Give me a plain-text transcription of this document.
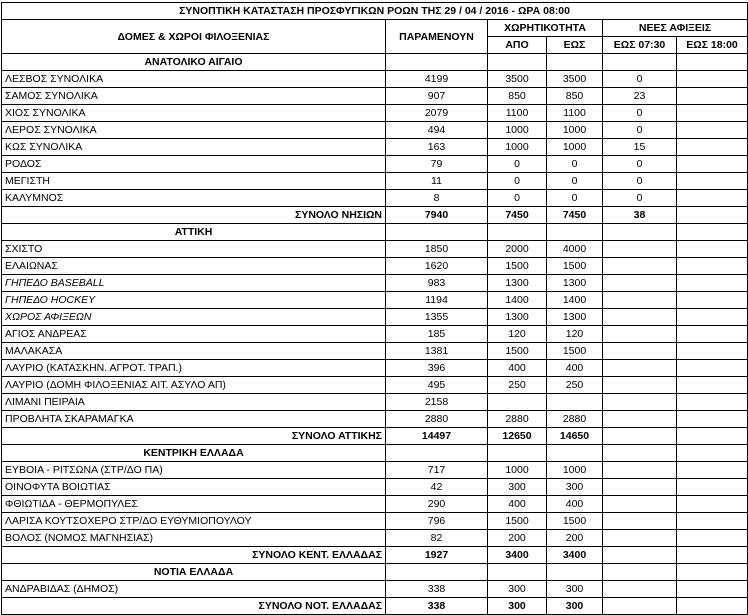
ΣΥΝΟΠΤΙΚΗ ΚΑΤΑΣΤΑΣΗ ΠΡΟΣΦΥΓΙΚΩΝ ΡΟΩΝ ΤΗΣ 29 / 04 / 2016 - ΩΡΑ 08:00					
ΔΟΜΕΣ & ΧΩΡΟΙ ΦΙΛΟΞΕΝΙΑΣ	ΠΑΡΑΜΕΝΟΥΝ	ΧΩΡΗΤΙΚΟΤΗΤΑ		ΝΕΕΣ ΑΦΙΞΕΙΣ	
		ΑΠΟ	ΕΩΣ	ΕΩΣ 07:30	ΕΩΣ 18:00
ΑΝΑΤΟΛΙΚΟ ΑΙΓΑΙΟ					
ΛΕΣΒΟΣ ΣΥΝΟΛΙΚΑ	4199	3500	3500	0	
ΣΑΜΟΣ ΣΥΝΟΛΙΚΑ	907	850	850	23	
ΧΙΟΣ ΣΥΝΟΛΙΚΑ	2079	1100	1100	0	
ΛΕΡΟΣ ΣΥΝΟΛΙΚΑ	494	1000	1000	0	
ΚΩΣ ΣΥΝΟΛΙΚΑ	163	1000	1000	15	
ΡΟΔΟΣ	79	0	0	0	
ΜΕΓΙΣΤΗ	11	0	0	0	
ΚΑΛΥΜΝΟΣ	8	0	0	0	
ΣΥΝΟΛΟ ΝΗΣΙΩΝ	7940	7450	7450	38	
ΑΤΤΙΚΗ					
ΣΧΙΣΤΟ	1850	2000	4000		
ΕΛΑΙΩΝΑΣ	1620	1500	1500		
ΓΗΠΕΔΟ BASEBALL	983	1300	1300		
ΓΗΠΕΔΟ HOCKEY	1194	1400	1400		
ΧΩΡΟΣ ΑΦΙΞΕΩΝ	1355	1300	1300		
ΑΓΙΟΣ ΑΝΔΡΕΑΣ	185	120	120		
ΜΑΛΑΚΑΣΑ	1381	1500	1500		
ΛΑΥΡΙΟ (ΚΑΤΑΣΚΗΝ. ΑΓΡΟΤ. ΤΡΑΠ.)	396	400	400		
ΛΑΥΡΙΟ (ΔΟΜΗ ΦΙΛΟΞΕΝΙΑΣ ΑΙΤ. ΑΣΥΛΟ ΑΠ)	495	250	250		
ΛΙΜΑΝΙ ΠΕΙΡΑΙΑ	2158				
ΠΡΟΒΛΗΤΑ ΣΚΑΡΑΜΑΓΚΑ	2880	2880	2880		
ΣΥΝΟΛΟ ΑΤΤΙΚΗΣ	14497	12650	14650		
ΚΕΝΤΡΙΚΗ ΕΛΛΑΔΑ					
ΕΥΒΟΙΑ - ΡΙΤΣΩΝΑ (ΣΤΡ/ΔΟ ΠΑ)	717	1000	1000		
ΟΙΝΟΦΥΤΑ ΒΟΙΩΤΙΑΣ	42	300	300		
ΦΘΙΩΤΙΔΑ - ΘΕΡΜΟΠΥΛΕΣ	290	400	400		
ΛΑΡΙΣΑ ΚΟΥΤΣΟΧΕΡΟ ΣΤΡ/ΔΟ ΕΥΘΥΜΙΟΠΟΥΛΟΥ	796	1500	1500		
ΒΟΛΟΣ (ΝΟΜΟΣ ΜΑΓΝΗΣΙΑΣ)	82	200	200		
ΣΥΝΟΛΟ ΚΕΝΤ. ΕΛΛΑΔΑΣ	1927	3400	3400		
ΝΟΤΙΑ ΕΛΛΑΔΑ					
ΑΝΔΡΑΒΙΔΑΣ (ΔΗΜΟΣ)	338	300	300		
ΣΥΝΟΛΟ ΝΟΤ. ΕΛΛΑΔΑΣ	338	300	300		
